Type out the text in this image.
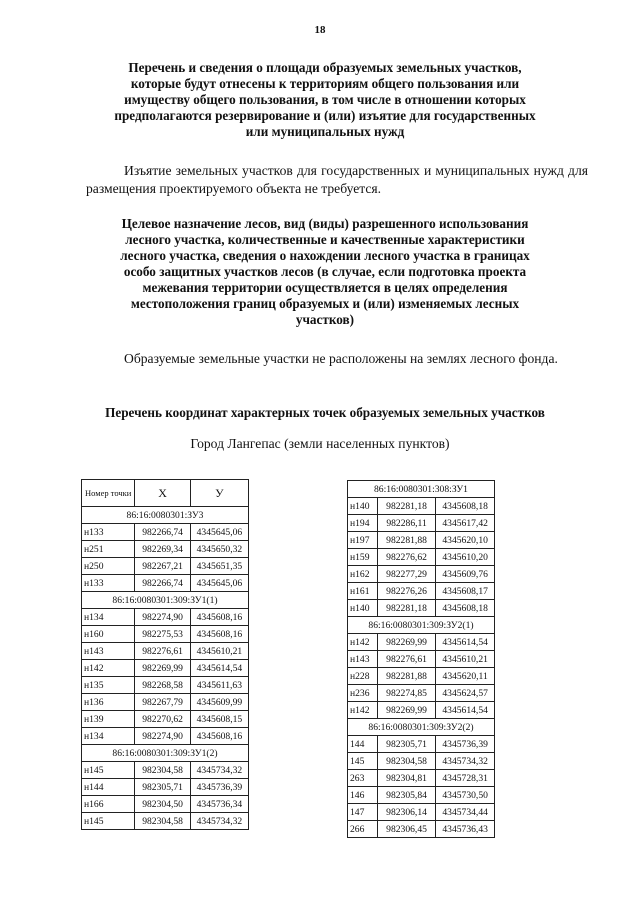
18
Перечень и сведения о площади образуемых земельных участков,
которые будут отнесены к территориям общего пользования или
имуществу общего пользования, в том числе в отношении которых
предполагаются резервирование и (или) изъятие для государственных
или муниципальных нужд
Изъятие земельных участков для государственных и муниципальных нужд для размещения проектируемого объекта не требуется.
Целевое назначение лесов, вид (виды) разрешенного использования
лесного участка, количественные и качественные характеристики
лесного участка, сведения о нахождении лесного участка в границах
особо защитных участков лесов (в случае, если подготовка проекта
межевания территории осуществляется в целях определения
местоположения границ образуемых и (или) изменяемых лесных
участков)
Образуемые земельные участки не расположены на землях лесного фонда.
Перечень координат характерных точек образуемых земельных участков
Город Лангепас (земли населенных пунктов)
Номер точки	X	У
86:16:0080301:ЗУ3		
н133	982266,74	4345645,06
н251	982269,34	4345650,32
н250	982267,21	4345651,35
н133	982266,74	4345645,06
86:16:0080301:309:ЗУ1(1)		
н134	982274,90	4345608,16
н160	982275,53	4345608,16
н143	982276,61	4345610,21
н142	982269,99	4345614,54
н135	982268,58	4345611,63
н136	982267,79	4345609,99
н139	982270,62	4345608,15
н134	982274,90	4345608,16
86:16:0080301:309:ЗУ1(2)		
н145	982304,58	4345734,32
н144	982305,71	4345736,39
н166	982304,50	4345736,34
н145	982304,58	4345734,32
86:16:0080301:308:ЗУ1		
н140	982281,18	4345608,18
н194	982286,11	4345617,42
н197	982281,88	4345620,10
н159	982276,62	4345610,20
н162	982277,29	4345609,76
н161	982276,26	4345608,17
н140	982281,18	4345608,18
86:16:0080301:309:ЗУ2(1)		
н142	982269,99	4345614,54
н143	982276,61	4345610,21
н228	982281,88	4345620,11
н236	982274,85	4345624,57
н142	982269,99	4345614,54
86:16:0080301:309:ЗУ2(2)		
144	982305,71	4345736,39
145	982304,58	4345734,32
263	982304,81	4345728,31
146	982305,84	4345730,50
147	982306,14	4345734,44
266	982306,45	4345736,43
